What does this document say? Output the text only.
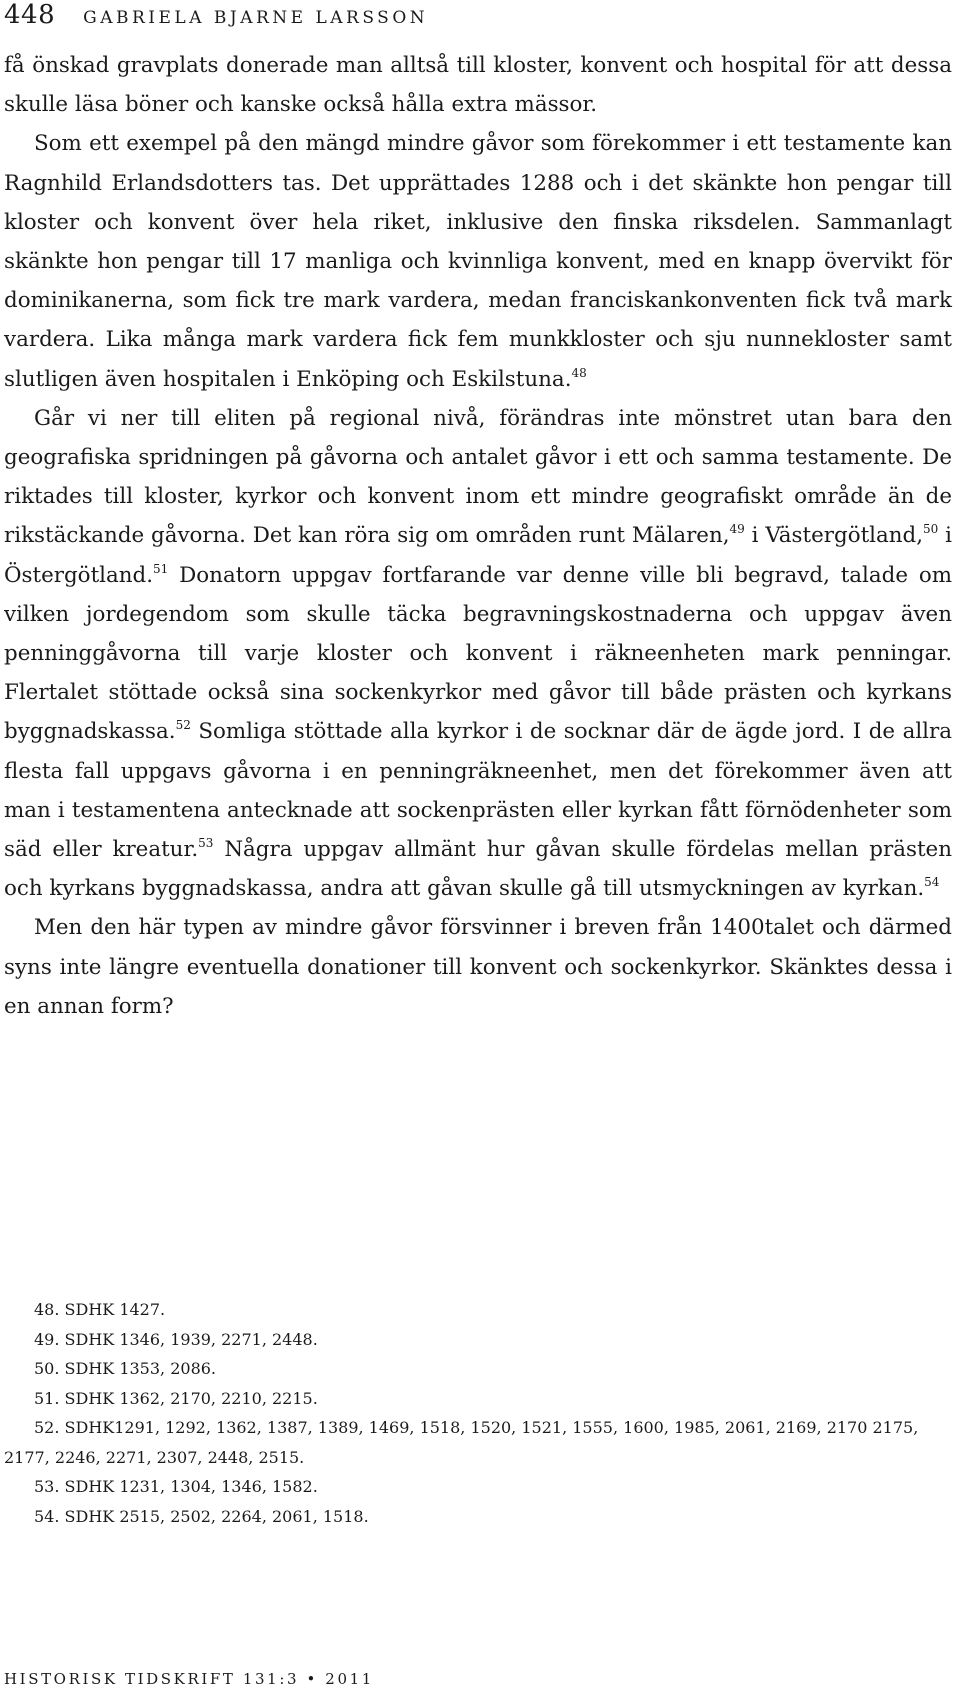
448 GABRIELA BJARNE LARSSON

få önskad gravplats donerade man alltså till kloster, konvent och hospital för att dessa skulle läsa böner och kanske också hålla extra mässor.

Som ett exempel på den mängd mindre gåvor som förekommer i ett testamente kan Ragnhild Erlandsdotters tas. Det upprättades 1288 och i det skänkte hon pengar till kloster och konvent över hela riket, inklusive den finska riksdelen. Sammanlagt skänkte hon pengar till 17 manliga och kvinnliga konvent, med en knapp övervikt för dominikanerna, som fick tre mark vardera, medan franciskankonventen fick två mark vardera. Lika många mark vardera fick fem munkkloster och sju nunnekloster samt slutligen även hospitalen i Enköping och Eskilstuna.$^{48}$

Går vi ner till eliten på regional nivå, förändras inte mönstret utan bara den geografiska spridningen på gåvorna och antalet gåvor i ett och samma testamente. De riktades till kloster, kyrkor och konvent inom ett mindre geografiskt område än de rikstäckande gåvorna. Det kan röra sig om områden runt Mälaren,$^{49}$ i Västergötland,$^{50}$ i Östergötland.$^{51}$ Donatorn uppgav fortfarande var denne ville bli begravd, talade om vilken jordegendom som skulle täcka begravningskostnaderna och uppgav även penninggåvorna till varje kloster och konvent i räkneenheten mark penningar. Flertalet stöttade också sina sockenkyrkor med gåvor till både prästen och kyrkans byggnadskassa.$^{52}$ Somliga stöttade alla kyrkor i de socknar där de ägde jord. I de allra flesta fall uppgavs gåvorna i en penningräkneenhet, men det förekommer även att man i testamentena antecknade att sockenprästen eller kyrkan fått förnödenheter som säd eller kreatur.$^{53}$ Några uppgav allmänt hur gåvan skulle fördelas mellan prästen och kyrkans byggnadskassa, andra att gåvan skulle gå till utsmyckningen av kyrkan.$^{54}$

Men den här typen av mindre gåvor försvinner i breven från 1400talet och därmed syns inte längre eventuella donationer till konvent och sockenkyrkor. Skänktes dessa i en annan form?

48. SDHK 1427.

49. SDHK 1346, 1939, 2271, 2448.

50. SDHK 1353, 2086.

51. SDHK 1362, 2170, 2210, 2215.

52. SDHK1291, 1292, 1362, 1387, 1389, 1469, 1518, 1520, 1521, 1555, 1600, 1985, 2061, 2169, 2170 2175, 2177, 2246, 2271, 2307, 2448, 2515.

53. SDHK 1231, 1304, 1346, 1582.

54. SDHK 2515, 2502, 2264, 2061, 1518.

HISTORISK TIDSKRIFT 131:3 • 2011
